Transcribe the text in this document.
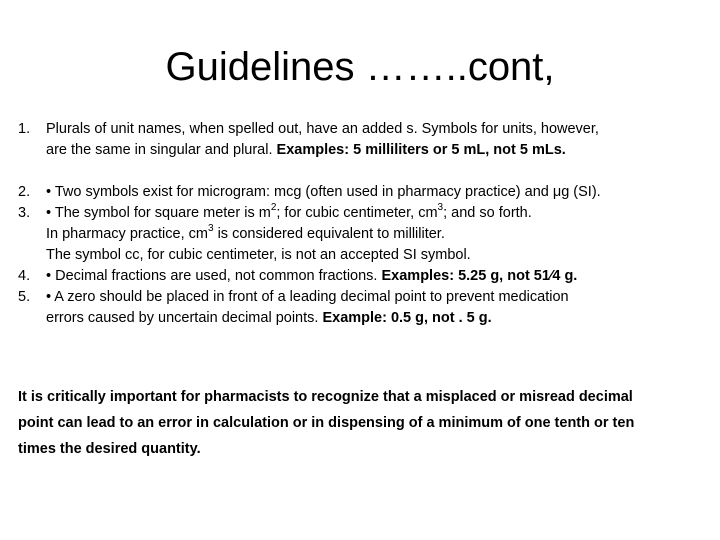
Guidelines ……..cont,
1. Plurals of unit names, when spelled out, have an added s. Symbols for units, however,
are the same in singular and plural. Examples: 5 milliliters or 5 mL, not 5 mLs.
2. • Two symbols exist for microgram: mcg (often used in pharmacy practice) and μg (SI).
3. • The symbol for square meter is $m^2$; for cubic centimeter, $cm^3$; and so forth.
In pharmacy practice, $cm^3$ is considered equivalent to milliliter.
The symbol cc, for cubic centimeter, is not an accepted SI symbol.
4. • Decimal fractions are used, not common fractions. Examples: 5.25 g, not 51⁄4 g.
5. • A zero should be placed in front of a leading decimal point to prevent medication
errors caused by uncertain decimal points. Example: 0.5 g, not . 5 g.

It is critically important for pharmacists to recognize that a misplaced or misread decimal
point can lead to an error in calculation or in dispensing of a minimum of one tenth or ten
times the desired quantity.
